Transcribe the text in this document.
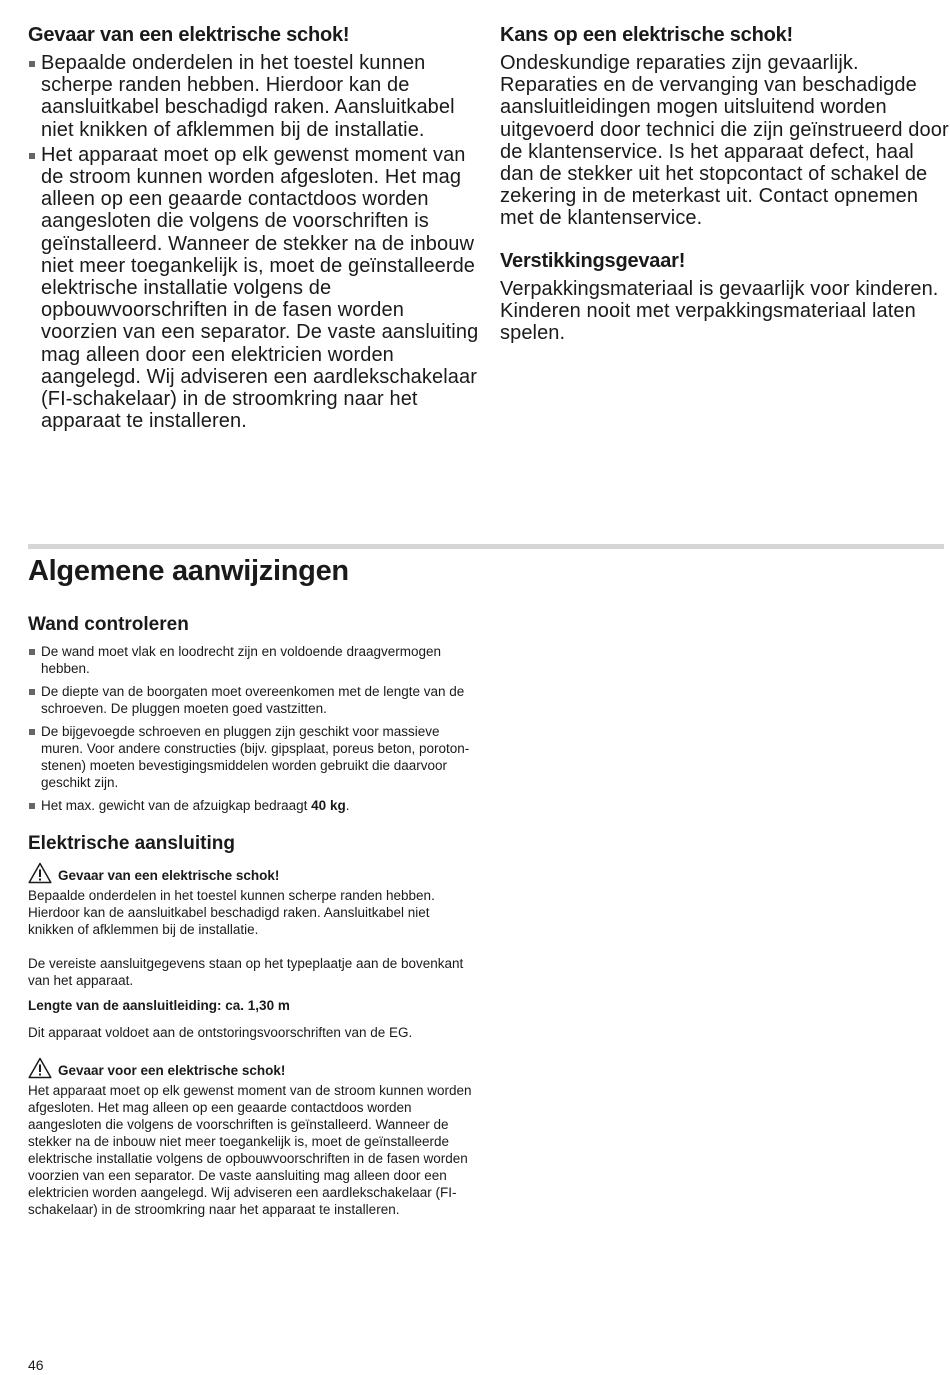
Gevaar van een elektrische schok!
Bepaalde onderdelen in het toestel kunnen scherpe randen hebben. Hierdoor kan de aansluitkabel beschadigd raken. Aansluitkabel niet knikken of afklemmen bij de installatie.
Het apparaat moet op elk gewenst moment van de stroom kunnen worden afgesloten. Het mag alleen op een geaarde contactdoos worden aangesloten die volgens de voorschriften is geïnstalleerd. Wanneer de stekker na de inbouw niet meer toegankelijk is, moet de geïnstalleerde elektrische installatie volgens de opbouwvoorschriften in de fasen worden voorzien van een separator. De vaste aansluiting mag alleen door een elektricien worden aangelegd. Wij adviseren een aardlekschakelaar (FI-schakelaar) in de stroomkring naar het apparaat te installeren.
Kans op een elektrische schok!

Ondeskundige reparaties zijn gevaarlijk. Reparaties en de vervanging van beschadigde aansluitleidingen mogen uitsluitend worden uitgevoerd door technici die zijn geïnstrueerd door de klantenservice. Is het apparaat defect, haal dan de stekker uit het stopcontact of schakel de zekering in de meterkast uit. Contact opnemen met de klantenservice.

Verstikkingsgevaar!

Verpakkingsmateriaal is gevaarlijk voor kinderen. Kinderen nooit met verpakkingsmateriaal laten spelen.

Algemene aanwijzingen
Wand controleren
De wand moet vlak en loodrecht zijn en voldoende draagvermogen hebben.
De diepte van de boorgaten moet overeenkomen met de lengte van de schroeven. De pluggen moeten goed vastzitten.
De bijgevoegde schroeven en pluggen zijn geschikt voor massieve muren. Voor andere constructies (bijv. gipsplaat, poreus beton, poroton-stenen) moeten bevestigingsmiddelen worden gebruikt die daarvoor geschikt zijn.
Het max. gewicht van de afzuigkap bedraagt 40 kg.
Elektrische aansluiting
Gevaar van een elektrische schok!

Bepaalde onderdelen in het toestel kunnen scherpe randen hebben. Hierdoor kan de aansluitkabel beschadigd raken. Aansluitkabel niet knikken of afklemmen bij de installatie.

De vereiste aansluitgegevens staan op het typeplaatje aan de bovenkant van het apparaat.

Lengte van de aansluitleiding: ca. 1,30 m

Dit apparaat voldoet aan de ontstoringsvoorschriften van de EG.

Gevaar voor een elektrische schok!

Het apparaat moet op elk gewenst moment van de stroom kunnen worden afgesloten. Het mag alleen op een geaarde contactdoos worden aangesloten die volgens de voorschriften is geïnstalleerd. Wanneer de stekker na de inbouw niet meer toegankelijk is, moet de geïnstalleerde elektrische installatie volgens de opbouwvoorschriften in de fasen worden voorzien van een separator. De vaste aansluiting mag alleen door een elektricien worden aangelegd. Wij adviseren een aardlekschakelaar (FI-schakelaar) in de stroomkring naar het apparaat te installeren.

46
